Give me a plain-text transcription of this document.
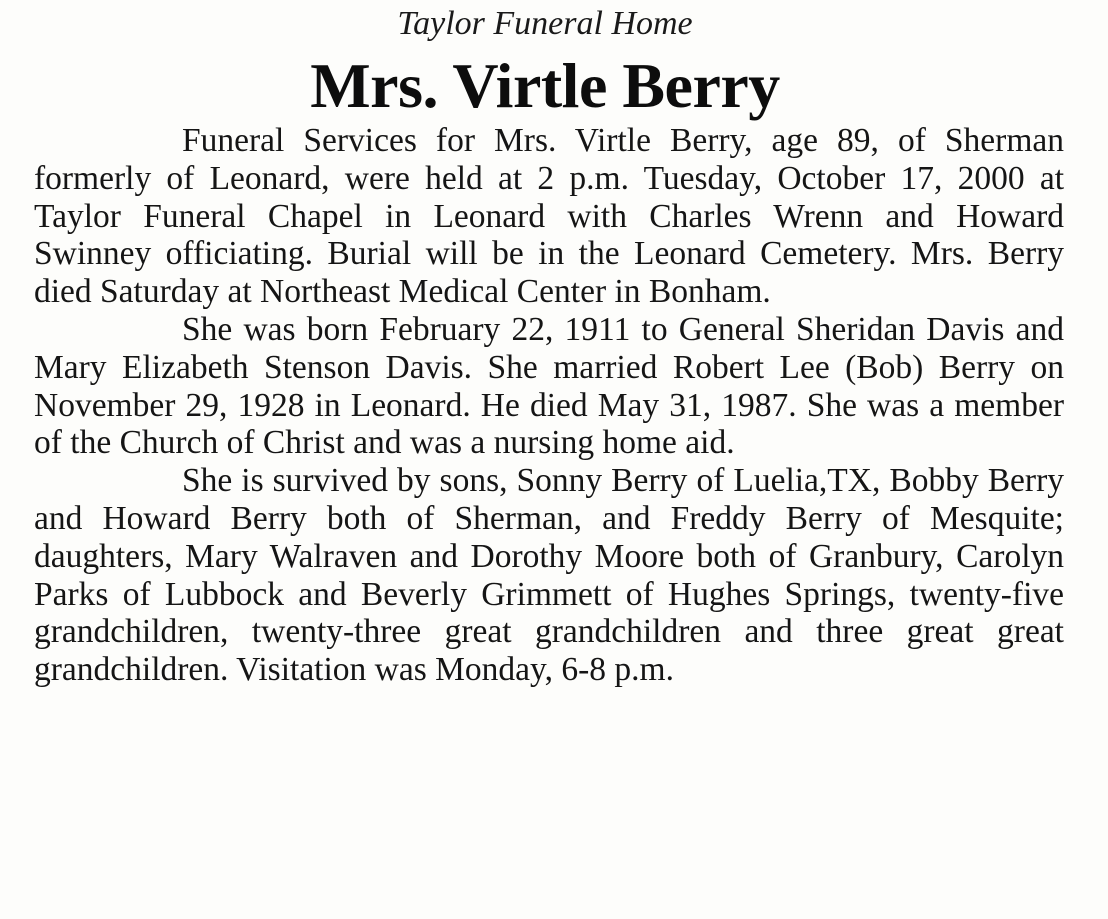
Taylor Funeral Home
Mrs. Virtle Berry

Funeral Services for Mrs. Virtle Berry, age 89, of Sherman formerly of Leonard, were held at 2 p.m. Tuesday, October 17, 2000 at Taylor Funeral Chapel in Leonard with Charles Wrenn and Howard Swinney officiating. Burial will be in the Leonard Cemetery. Mrs. Berry died Saturday at Northeast Medical Center in Bonham.

She was born February 22, 1911 to General Sheridan Davis and Mary Elizabeth Stenson Davis. She married Robert Lee (Bob) Berry on November 29, 1928 in Leonard. He died May 31, 1987. She was a member of the Church of Christ and was a nursing home aid.

She is survived by sons, Sonny Berry of Luelia,TX, Bobby Berry and Howard Berry both of Sherman, and Freddy Berry of Mesquite; daughters, Mary Walraven and Dorothy Moore both of Granbury, Carolyn Parks of Lubbock and Beverly Grimmett of Hughes Springs, twenty-five grandchildren, twenty-three great grandchildren and three great great grandchildren. Visitation was Monday, 6-8 p.m.
